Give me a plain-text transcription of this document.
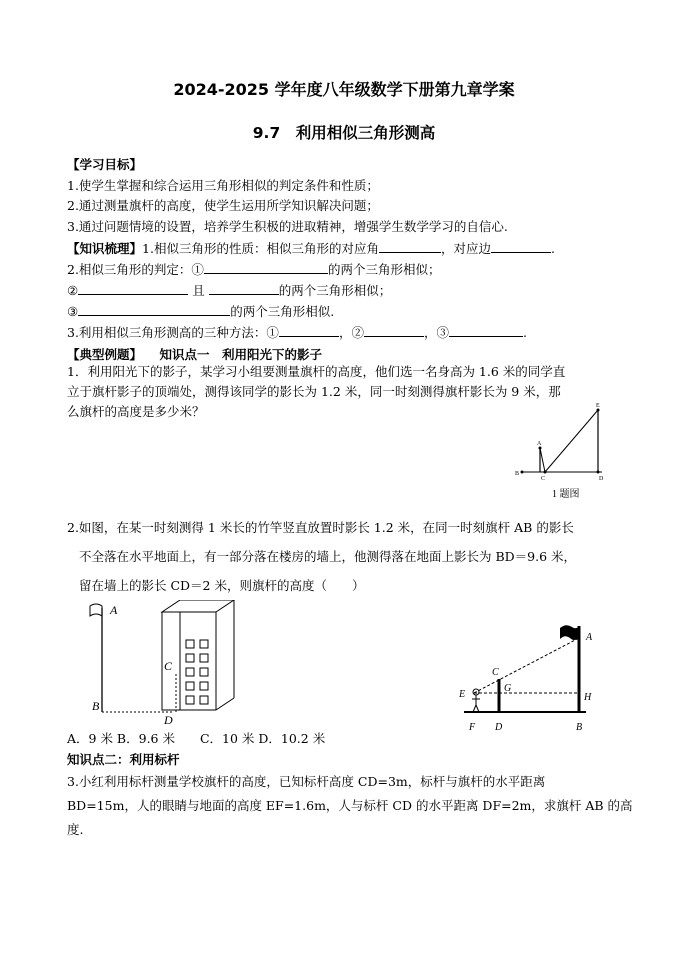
2024-2025 学年度八年级数学下册第九章学案
9.7　利用相似三角形测高
【学习目标】
1.使学生掌握和综合运用三角形相似的判定条件和性质；
2.通过测量旗杆的高度，使学生运用所学知识解决问题；
3.通过问题情境的设置，培养学生积极的进取精神，增强学生数学学习的自信心.
【知识梳理】1.相似三角形的性质：相似三角形的对应角	，对应边	.
2.相似三角形的判定：①	的两个三角形相似；
②	且	的两个三角形相似；
③	的两个三角形相似.
3.利用相似三角形测高的三种方法：①	，②	，③	.
【典型例题】 知识点一　利用阳光下的影子
1．利用阳光下的影子，某学习小组要测量旗杆的高度，他们选一名身高为 1.6 米的同学直
立于旗杆影子的顶端处，测得该同学的影长为 1.2 米，同一时刻测得旗杆影长为 9 米，那
么旗杆的高度是多少米？
A
B
C	D
E
1 题图
2.如图，在某一时刻测得 1 米长的竹竿竖直放置时影长 1.2 米，在同一时刻旗杆 AB 的影长
不全落在水平地面上，有一部分落在楼房的墙上，他测得落在地面上影长为 BD＝9.6 米，
留在墙上的影长 CD＝2 米，则旗杆的高度（　　）
A
B
C
D
A
B
C
D
E
F
G
H
A．9 米 B．9.6 米　　C．10 米 D．10.2 米
知识点二：利用标杆
3.小红利用标杆测量学校旗杆的高度，已知标杆高度 CD=3m，标杆与旗杆的水平距离
BD=15m，人的眼睛与地面的高度 EF=1.6m，人与标杆 CD 的水平距离 DF=2m，求旗杆 AB 的高
度.
